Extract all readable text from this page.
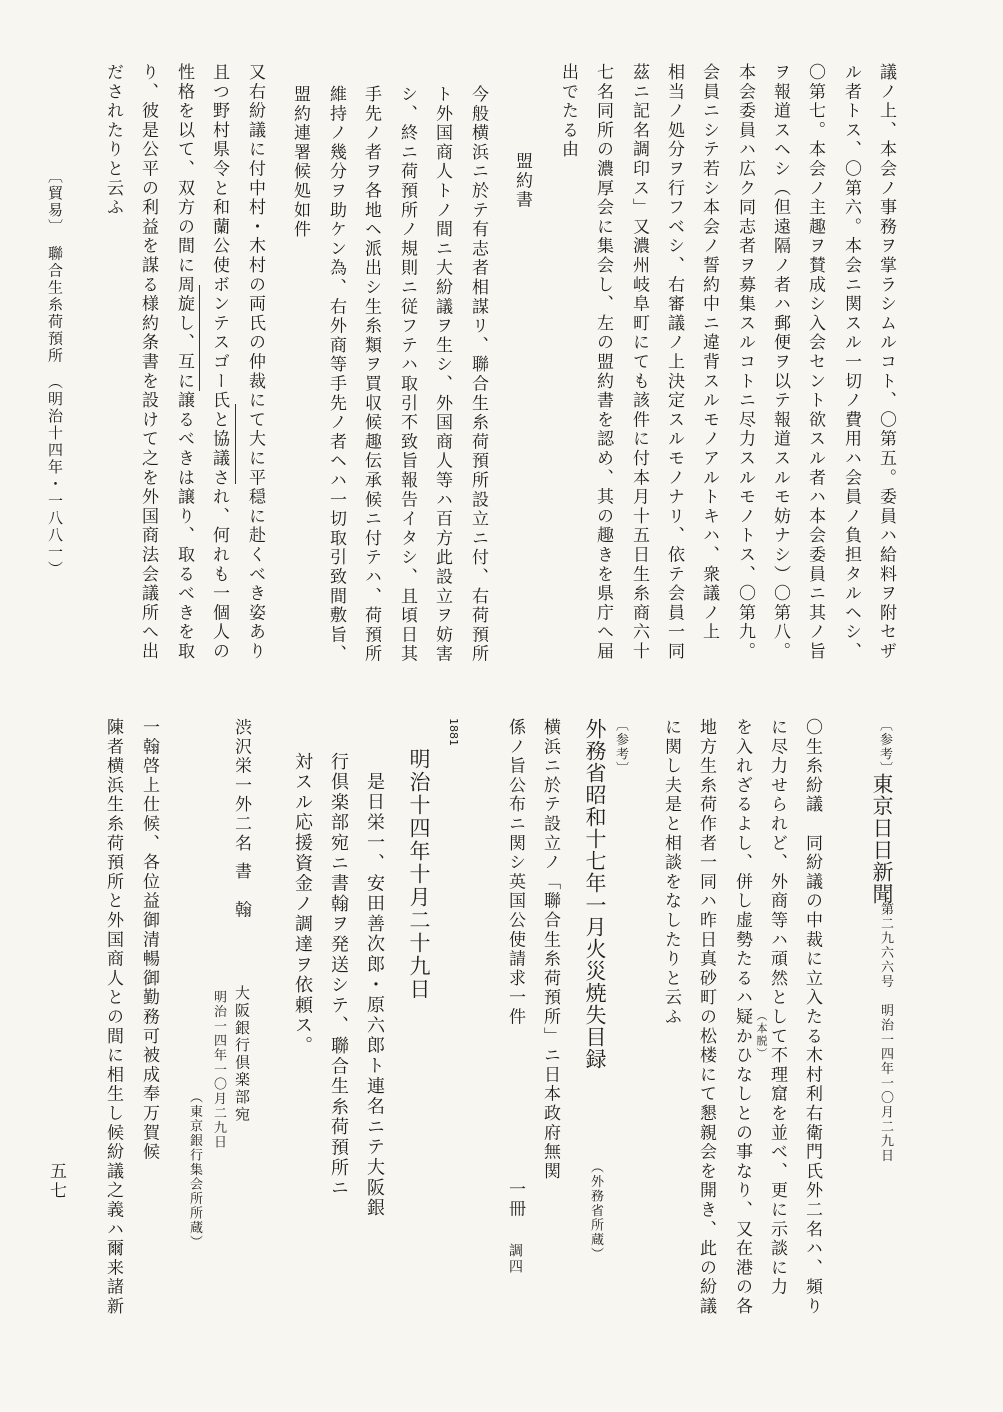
議ノ上、本会ノ事務ヲ掌ラシムルコト、〇第五。委員ハ給料ヲ附セザ
ル者トス、〇第六。本会ニ関スル一切ノ費用ハ会員ノ負担タルヘシ、
〇第七。本会ノ主趣ヲ賛成シ入会セント欲スル者ハ本会委員ニ其ノ旨
ヲ報道スヘシ（但遠隔ノ者ハ郵便ヲ以テ報道スルモ妨ナシ）〇第八。
本会委員ハ広ク同志者ヲ募集スルコトニ尽力スルモノトス、〇第九。
会員ニシテ若シ本会ノ誓約中ニ違背スルモノアルトキハ、衆議ノ上
相当ノ処分ヲ行フベシ、右審議ノ上決定スルモノナリ、依テ会員一同
茲ニ記名調印ス」又濃州岐阜町にても該件に付本月十五日生糸商六十
七名同所の濃厚会に集会し、左の盟約書を認め、其の趣きを県庁へ届
出でたる由
盟約書
今般横浜ニ於テ有志者相謀リ、聯合生糸荷預所設立ニ付、右荷預所
ト外国商人トノ間ニ大紛議ヲ生シ、外国商人等ハ百方此設立ヲ妨害
シ、終ニ荷預所ノ規則ニ従フテハ取引不致旨報告イタシ、且頃日其
手先ノ者ヲ各地ヘ派出シ生糸類ヲ買収候趣伝承候ニ付テハ、荷預所
維持ノ幾分ヲ助ケン為、右外商等手先ノ者ヘハ一切取引致間敷旨、
盟約連署候処如件
又右紛議に付中村・木村の両氏の仲裁にて大に平穏に赴くべき姿あり
且つ野村県令と和蘭公使ボンテスゴー氏と協議され、何れも一個人の
性格を以て、双方の間に周旋し、互に譲るべきは譲り、取るべきを取
り、彼是公平の利益を謀る様約条書を設けて之を外国商法会議所へ出
だされたりと云ふ
〔貿易〕　聯合生糸荷預所　（明治十四年・一八八一）
〔参考〕
東京日日新聞
第二九六六号　明治一四年一〇月二九日
〇生糸紛議　同紛議の中裁に立入たる木村利右衛門氏外二名ハ、頻り
に尽力せられど、外商等ハ頑然として不理窟を並べ、更に示談に力
を入れざるよし、併し虚勢たるハ疑かひなしとの事なり、又在港の各
地方生糸荷作者一同ハ昨日真砂町の松楼にて懇親会を開き、此の紛議
に関し夫是と相談をなしたりと云ふ
（本脱）
〔参考〕
外務省昭和十七年一月火災焼失目録
（外務省所蔵）
横浜ニ於テ設立ノ「聯合生糸荷預所」ニ日本政府無関
係ノ旨公布ニ関シ英国公使請求一件
一冊
調四
1881
明治十四年十月二十九日
是日栄一、安田善次郎・原六郎ト連名ニテ大阪銀
行倶楽部宛ニ書翰ヲ発送シテ、聯合生糸荷預所ニ
対スル応援資金ノ調達ヲ依頼ス。
渋沢栄一外二名
書　翰
大阪銀行倶楽部宛
明治一四年一〇月二九日
（東京銀行集会所所蔵）
一翰啓上仕候、各位益御清暢御勤務可被成奉万賀候
陳者横浜生糸荷預所と外国商人との間に相生し候紛議之義ハ爾来諸新
五七
